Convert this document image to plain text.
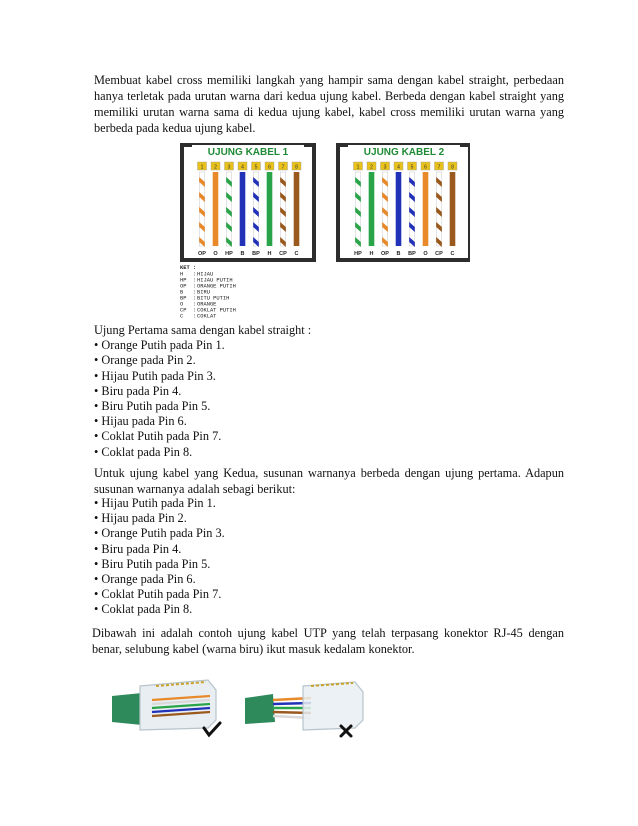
Membuat kabel cross memiliki langkah yang hampir sama dengan kabel straight, perbedaan hanya terletak pada urutan warna dari kedua ujung kabel. Berbeda dengan kabel straight yang memiliki urutan warna sama di kedua ujung kabel, kabel cross memiliki urutan warna yang berbeda pada kedua ujung kabel.
UJUNG KABEL 1
1 2 3 4 5 6 7 8
OP O HP B BP H CP C
UJUNG KABEL 2
1 2 3 4 5 6 7 8
HP H OP B BP O CP C
KET :
H : HIJAU
HP : HIJAU PUTIH
OP : ORANGE PUTIH
B : BIRU
BP : BITU PUTIH
O : ORANGE
CP : COKLAT PUTIH
C : COKLAT
Ujung Pertama sama dengan kabel straight :
• Orange Putih pada Pin 1.
• Orange pada Pin 2.
• Hijau Putih pada Pin 3.
• Biru pada Pin 4.
• Biru Putih pada Pin 5.
• Hijau pada Pin 6.
• Coklat Putih pada Pin 7.
• Coklat pada Pin 8.
Untuk ujung kabel yang Kedua, susunan warnanya berbeda dengan ujung pertama. Adapun susunan warnanya adalah sebagi berikut:
• Hijau Putih pada Pin 1.
• Hijau pada Pin 2.
• Orange Putih pada Pin 3.
• Biru pada Pin 4.
• Biru Putih pada Pin 5.
• Orange pada Pin 6.
• Coklat Putih pada Pin 7.
• Coklat pada Pin 8.
Dibawah ini adalah contoh ujung kabel UTP yang telah terpasang konektor RJ-45 dengan benar, selubung kabel (warna biru) ikut masuk kedalam konektor.
